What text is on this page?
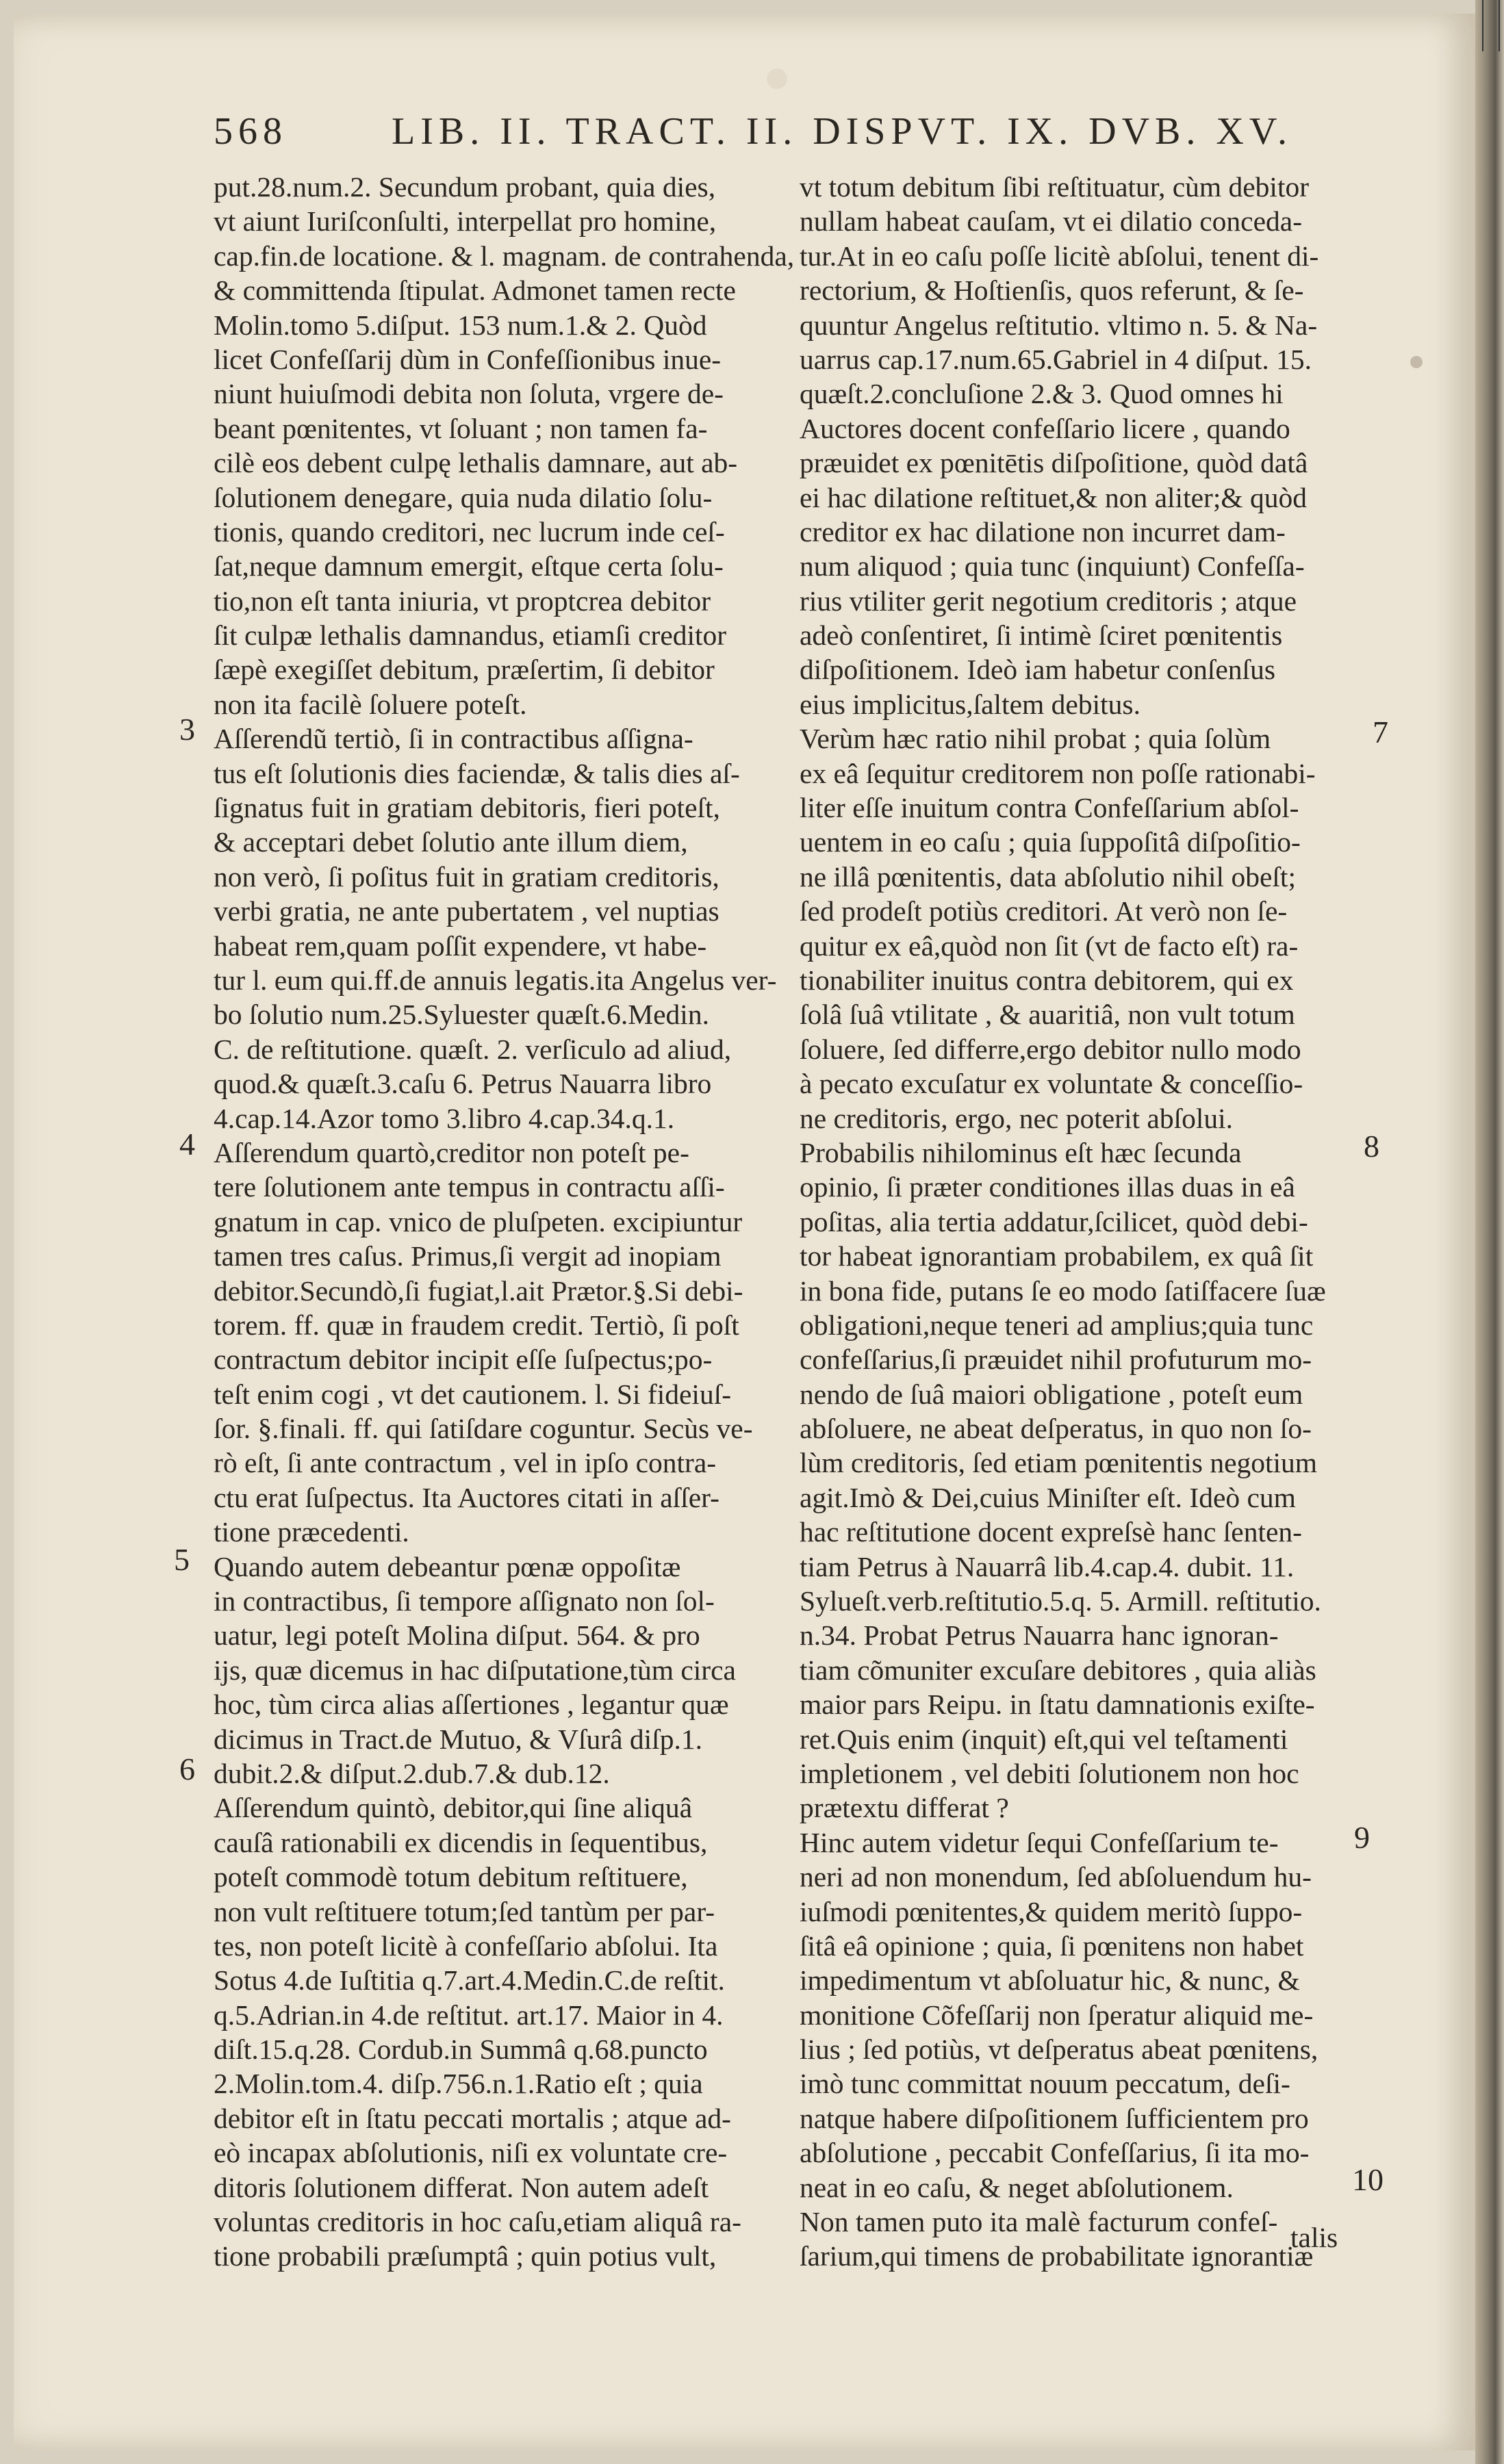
568	LIB. II. TRACT. II. DISPVT. IX. DVB. XV.
put.28.num.2. Secundum probant, quia dies,
vt aiunt Iuriſconſulti, interpellat pro homine,
cap.fin.de locatione. & l. magnam. de contrahenda,
& committenda ſtipulat. Admonet tamen recte
Molin.tomo 5.diſput. 153 num.1.& 2. Quòd
licet Confeſſarij dùm in Confeſſionibus inue-
niunt huiuſmodi debita non ſoluta, vrgere de-
beant pœnitentes, vt ſoluant ; non tamen fa-
cilè eos debent culpę lethalis damnare, aut ab-
ſolutionem denegare, quia nuda dilatio ſolu-
tionis, quando creditori, nec lucrum inde ceſ-
ſat,neque damnum emergit, eſtque certa ſolu-
tio,non eſt tanta iniuria, vt proptcrea debitor
ſit culpæ lethalis damnandus, etiamſi creditor
ſæpè exegiſſet debitum, præſertim, ſi debitor
non ita facilè ſoluere poteſt.
Aſſerendũ tertiò, ſi in contractibus aſſigna-
tus eſt ſolutionis dies faciendæ, & talis dies aſ-
ſignatus fuit in gratiam debitoris, fieri poteſt,
& acceptari debet ſolutio ante illum diem,
non verò, ſi poſitus fuit in gratiam creditoris,
verbi gratia, ne ante pubertatem , vel nuptias
habeat rem,quam poſſit expendere, vt habe-
tur l. eum qui.ff.de annuis legatis.ita Angelus ver-
bo ſolutio num.25.Syluester quæſt.6.Medin.
C. de reſtitutione. quæſt. 2. verſiculo ad aliud,
quod.& quæſt.3.caſu 6. Petrus Nauarra libro
4.cap.14.Azor tomo 3.libro 4.cap.34.q.1.
Aſſerendum quartò,creditor non poteſt pe-
tere ſolutionem ante tempus in contractu aſſi-
gnatum in cap. vnico de pluſpeten. excipiuntur
tamen tres caſus. Primus,ſi vergit ad inopiam
debitor.Secundò,ſi fugiat,l.ait Prætor.§.Si debi-
torem. ff. quæ in fraudem credit. Tertiò, ſi poſt
contractum debitor incipit eſſe ſuſpectus;po-
teſt enim cogi , vt det cautionem. l. Si fideiuſ-
ſor. §.finali. ff. qui ſatiſdare coguntur. Secùs ve-
rò eſt, ſi ante contractum , vel in ipſo contra-
ctu erat ſuſpectus. Ita Auctores citati in aſſer-
tione præcedenti.
Quando autem debeantur pœnæ oppoſitæ
in contractibus, ſi tempore aſſignato non ſol-
uatur, legi poteſt Molina diſput. 564. & pro
ijs, quæ dicemus in hac diſputatione,tùm circa
hoc, tùm circa alias aſſertiones , legantur quæ
dicimus in Tract.de Mutuo, & Vſurâ diſp.1.
dubit.2.& diſput.2.dub.7.& dub.12.
Aſſerendum quintò, debitor,qui ſine aliquâ
cauſâ rationabili ex dicendis in ſequentibus,
poteſt commodè totum debitum reſtituere,
non vult reſtituere totum;ſed tantùm per par-
tes, non poteſt licitè à confeſſario abſolui. Ita
Sotus 4.de Iuſtitia q.7.art.4.Medin.C.de reſtit.
q.5.Adrian.in 4.de reſtitut. art.17. Maior in 4.
diſt.15.q.28. Cordub.in Summâ q.68.puncto
2.Molin.tom.4. diſp.756.n.1.Ratio eſt ; quia
debitor eſt in ſtatu peccati mortalis ; atque ad-
eò incapax abſolutionis, niſi ex voluntate cre-
ditoris ſolutionem differat. Non autem adeſt
voluntas creditoris in hoc caſu,etiam aliquâ ra-
tione probabili præſumptâ ; quin potius vult,
vt totum debitum ſibi reſtituatur, cùm debitor
nullam habeat cauſam, vt ei dilatio conceda-
tur.At in eo caſu poſſe licitè abſolui, tenent di-
rectorium, & Hoſtienſis, quos referunt, & ſe-
quuntur Angelus reſtitutio. vltimo n. 5. & Na-
uarrus cap.17.num.65.Gabriel in 4 diſput. 15.
quæſt.2.concluſione 2.& 3. Quod omnes hi
Auctores docent confeſſario licere , quando
præuidet ex pœnitētis diſpoſitione, quòd datâ
ei hac dilatione reſtituet,& non aliter;& quòd
creditor ex hac dilatione non incurret dam-
num aliquod ; quia tunc (inquiunt) Confeſſa-
rius vtiliter gerit negotium creditoris ; atque
adeò conſentiret, ſi intimè ſciret pœnitentis
diſpoſitionem. Ideò iam habetur conſenſus
eius implicitus,ſaltem debitus.
Verùm hæc ratio nihil probat ; quia ſolùm
ex eâ ſequitur creditorem non poſſe rationabi-
liter eſſe inuitum contra Confeſſarium abſol-
uentem in eo caſu ; quia ſuppoſitâ diſpoſitio-
ne illâ pœnitentis, data abſolutio nihil obeſt;
ſed prodeſt potiùs creditori. At verò non ſe-
quitur ex eâ,quòd non ſit (vt de facto eſt) ra-
tionabiliter inuitus contra debitorem, qui ex
ſolâ ſuâ vtilitate , & auaritiâ, non vult totum
ſoluere, ſed differre,ergo debitor nullo modo
à pecato excuſatur ex voluntate & conceſſio-
ne creditoris, ergo, nec poterit abſolui.
Probabilis nihilominus eſt hæc ſecunda
opinio, ſi præter conditiones illas duas in eâ
poſitas, alia tertia addatur,ſcilicet, quòd debi-
tor habeat ignorantiam probabilem, ex quâ ſit
in bona fide, putans ſe eo modo ſatiſfacere ſuæ
obligationi,neque teneri ad amplius;quia tunc
confeſſarius,ſi præuidet nihil profuturum mo-
nendo de ſuâ maiori obligatione , poteſt eum
abſoluere, ne abeat deſperatus, in quo non ſo-
lùm creditoris, ſed etiam pœnitentis negotium
agit.Imò & Dei,cuius Miniſter eſt. Ideò cum
hac reſtitutione docent expreſsè hanc ſenten-
tiam Petrus à Nauarrâ lib.4.cap.4. dubit. 11.
Sylueſt.verb.reſtitutio.5.q. 5. Armill. reſtitutio.
n.34. Probat Petrus Nauarra hanc ignoran-
tiam cõmuniter excuſare debitores , quia aliàs
maior pars Reipu. in ſtatu damnationis exiſte-
ret.Quis enim (inquit) eſt,qui vel teſtamenti
impletionem , vel debiti ſolutionem non hoc
prætextu differat ?
Hinc autem videtur ſequi Confeſſarium te-
neri ad non monendum, ſed abſoluendum hu-
iuſmodi pœnitentes,& quidem meritò ſuppo-
ſitâ eâ opinione ; quia, ſi pœnitens non habet
impedimentum vt abſoluatur hic, & nunc, &
monitione Cõfeſſarij non ſperatur aliquid me-
lius ; ſed potiùs, vt deſperatus abeat pœnitens,
imò tunc committat nouum peccatum, deſi-
natque habere diſpoſitionem ſufficientem pro
abſolutione , peccabit Confeſſarius, ſi ita mo-
neat in eo caſu, & neget abſolutionem.
Non tamen puto ita malè facturum confeſ-
ſarium,qui timens de probabilitate ignorantiæ
3
4
5
6
7
8
9
10
talis
